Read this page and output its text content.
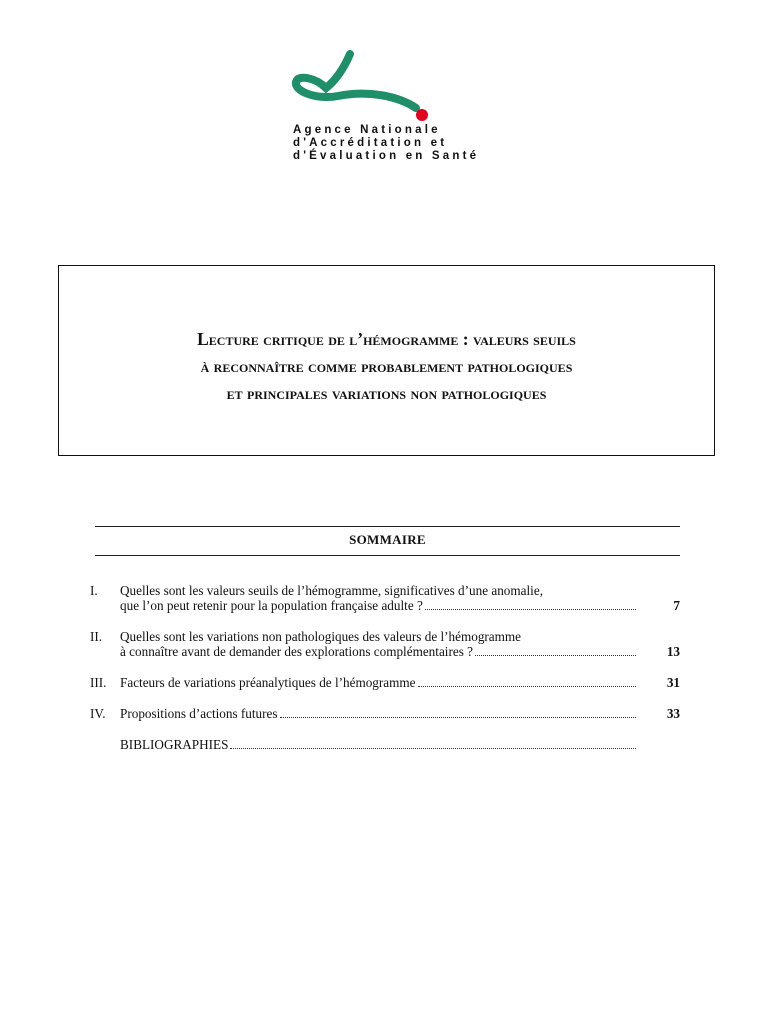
Agence Nationale
d'Accréditation et
d'Évaluation en Santé
Lecture critique de l’hémogramme : valeurs seuils
à reconnaître comme probablement pathologiques
et principales variations non pathologiques
SOMMAIRE
I.	Quelles sont les valeurs seuils de l’hémogramme, significatives d’une anomalie,
que l’on peut retenir pour la population française adulte ?	7
II.	Quelles sont les variations non pathologiques des valeurs de l’hémogramme
à connaître avant de demander des explorations complémentaires ?	13
III.	Facteurs de variations préanalytiques de l’hémogramme	31
IV.	Propositions d’actions futures	33
BIBLIOGRAPHIES
